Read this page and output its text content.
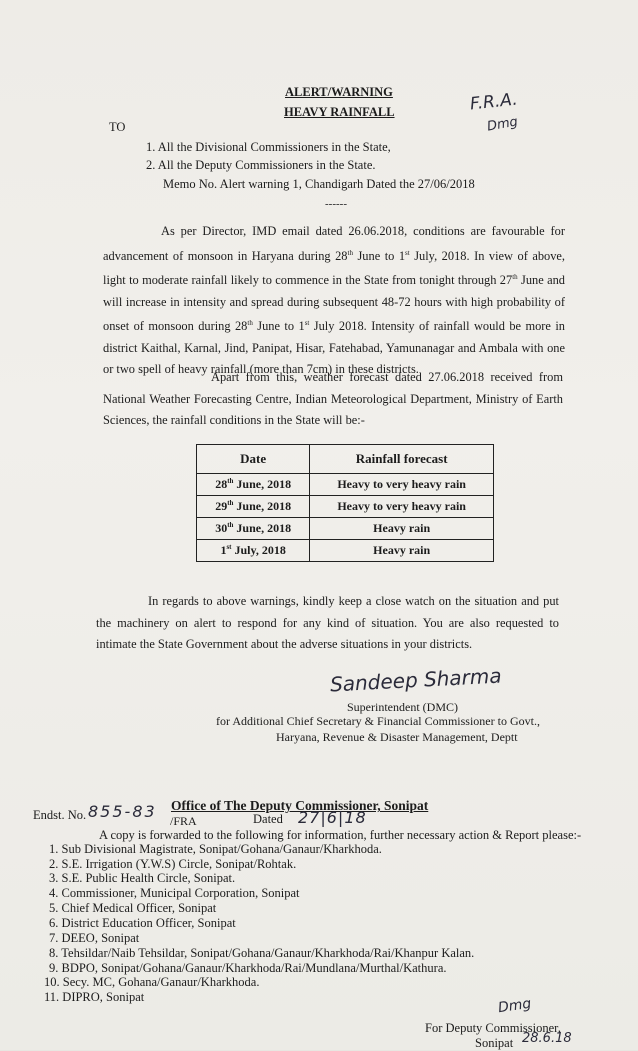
ALERT/WARNING
HEAVY RAINFALL	F.R.A.
Dmg
TO
1. All the Divisional Commissioners in the State,
2. All the Deputy Commissioners in the State.
Memo No. Alert warning 1, Chandigarh Dated the 27/06/2018
------
As per Director, IMD email dated 26.06.2018, conditions are favourable for advancement of monsoon in Haryana during 28th June to 1st July, 2018. In view of above, light to moderate rainfall likely to commence in the State from tonight through 27th June and will increase in intensity and spread during subsequent 48-72 hours with high probability of onset of monsoon during 28th June to 1st July 2018. Intensity of rainfall would be more in district Kaithal, Karnal, Jind, Panipat, Hisar, Fatehabad, Yamunanagar and Ambala with one or two spell of heavy rainfall (more than 7cm) in these districts.
Apart from this, weather forecast dated 27.06.2018 received from National Weather Forecasting Centre, Indian Meteorological Department, Ministry of Earth Sciences, the rainfall conditions in the State will be:-
Date	Rainfall forecast
28th June, 2018	Heavy to very heavy rain
29th June, 2018	Heavy to very heavy rain
30th June, 2018	Heavy rain
1st July, 2018	Heavy rain
In regards to above warnings, kindly keep a close watch on the situation and put the machinery on alert to respond for any kind of situation. You are also requested to intimate the State Government about the adverse situations in your districts.
Sandeep Sharma
Superintendent (DMC)
for Additional Chief Secretary & Financial Commissioner to Govt.,
Haryana, Revenue & Disaster Management, Deptt
Office of The Deputy Commissioner, Sonipat
Endst. No. 855-83 /FRA	Dated 27|6|18
A copy is forwarded to the following for information, further necessary action & Report please:-
1. Sub Divisional Magistrate, Sonipat/Gohana/Ganaur/Kharkhoda.
2. S.E. Irrigation (Y.W.S) Circle, Sonipat/Rohtak.
3. S.E. Public Health Circle, Sonipat.
4. Commissioner, Municipal Corporation, Sonipat
5. Chief Medical Officer, Sonipat
6. District Education Officer, Sonipat
7. DEEO, Sonipat
8. Tehsildar/Naib Tehsildar, Sonipat/Gohana/Ganaur/Kharkhoda/Rai/Khanpur Kalan.
9. BDPO, Sonipat/Gohana/Ganaur/Kharkhoda/Rai/Mundlana/Murthal/Kathura.
10. Secy. MC, Gohana/Ganaur/Kharkhoda.
11. DIPRO, Sonipat	Dmg
For Deputy Commissioner,
Sonipat 28.6.18
